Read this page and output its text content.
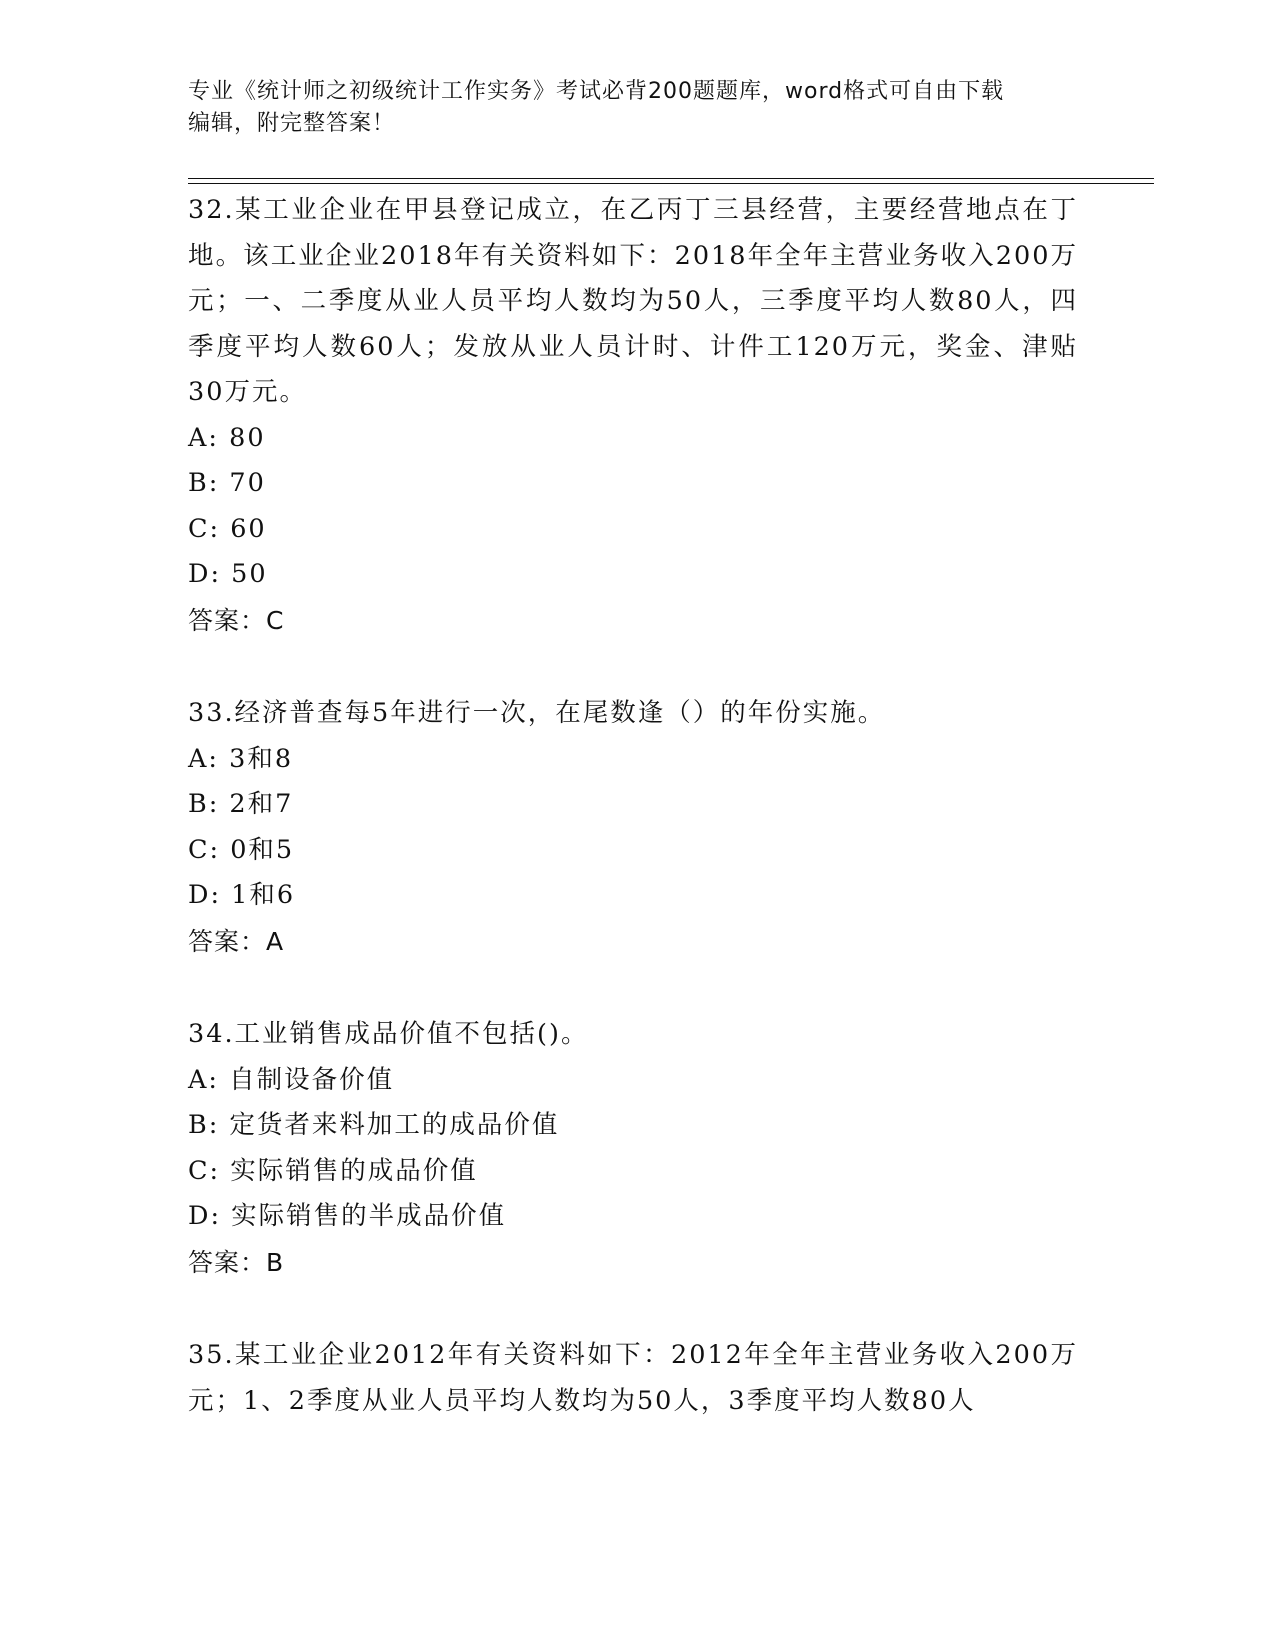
专业《统计师之初级统计工作实务》考试必背200题题库，word格式可自由下载
编辑，附完整答案！
32.某工业企业在甲县登记成立，在乙丙丁三县经营，主要经营地点在丁地。该工业企业2018年有关资料如下：2018年全年主营业务收入200万元；一、二季度从业人员平均人数均为50人，三季度平均人数80人，四季度平均人数60人；发放从业人员计时、计件工120万元，奖金、津贴30万元。
A: 80
B: 70
C: 60
D: 50
答案：C
33.经济普查每5年进行一次，在尾数逢（）的年份实施。
A: 3和8
B: 2和7
C: 0和5
D: 1和6
答案：A
34.工业销售成品价值不包括()。
A: 自制设备价值
B: 定货者来料加工的成品价值
C: 实际销售的成品价值
D: 实际销售的半成品价值
答案：B
35.某工业企业2012年有关资料如下：2012年全年主营业务收入200万元；1、2季度从业人员平均人数均为50人，3季度平均人数80人
